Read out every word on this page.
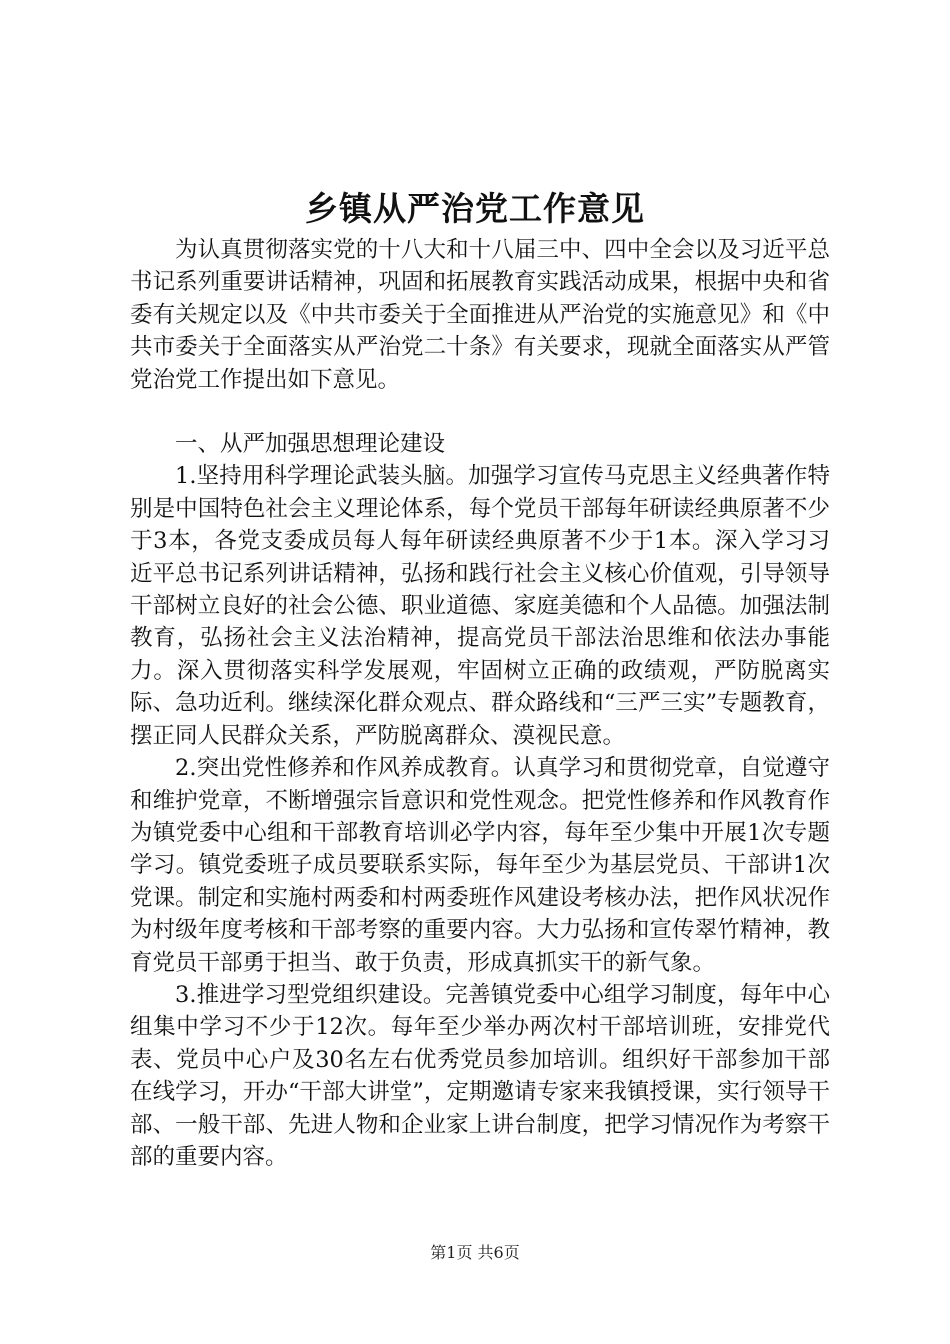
乡镇从严治党工作意见

为认真贯彻落实党的十八大和十八届三中、四中全会以及习近平总书记系列重要讲话精神，巩固和拓展教育实践活动成果，根据中央和省委有关规定以及《中共市委关于全面推进从严治党的实施意见》和《中共市委关于全面落实从严治党二十条》有关要求，现就全面落实从严管党治党工作提出如下意见。

一、从严加强思想理论建设

1.坚持用科学理论武装头脑。加强学习宣传马克思主义经典著作特别是中国特色社会主义理论体系，每个党员干部每年研读经典原著不少于3本，各党支委成员每人每年研读经典原著不少于1本。深入学习习近平总书记系列讲话精神，弘扬和践行社会主义核心价值观，引导领导干部树立良好的社会公德、职业道德、家庭美德和个人品德。加强法制教育，弘扬社会主义法治精神，提高党员干部法治思维和依法办事能力。深入贯彻落实科学发展观，牢固树立正确的政绩观，严防脱离实际、急功近利。继续深化群众观点、群众路线和“三严三实”专题教育，摆正同人民群众关系，严防脱离群众、漠视民意。

2.突出党性修养和作风养成教育。认真学习和贯彻党章，自觉遵守和维护党章，不断增强宗旨意识和党性观念。把党性修养和作风教育作为镇党委中心组和干部教育培训必学内容，每年至少集中开展1次专题学习。镇党委班子成员要联系实际，每年至少为基层党员、干部讲1次党课。制定和实施村两委和村两委班作风建设考核办法，把作风状况作为村级年度考核和干部考察的重要内容。大力弘扬和宣传翠竹精神，教育党员干部勇于担当、敢于负责，形成真抓实干的新气象。

3.推进学习型党组织建设。完善镇党委中心组学习制度，每年中心组集中学习不少于12次。每年至少举办两次村干部培训班，安排党代表、党员中心户及30名左右优秀党员参加培训。组织好干部参加干部在线学习，开办“干部大讲堂”，定期邀请专家来我镇授课，实行领导干部、一般干部、先进人物和企业家上讲台制度，把学习情况作为考察干部的重要内容。

第1页 共6页
